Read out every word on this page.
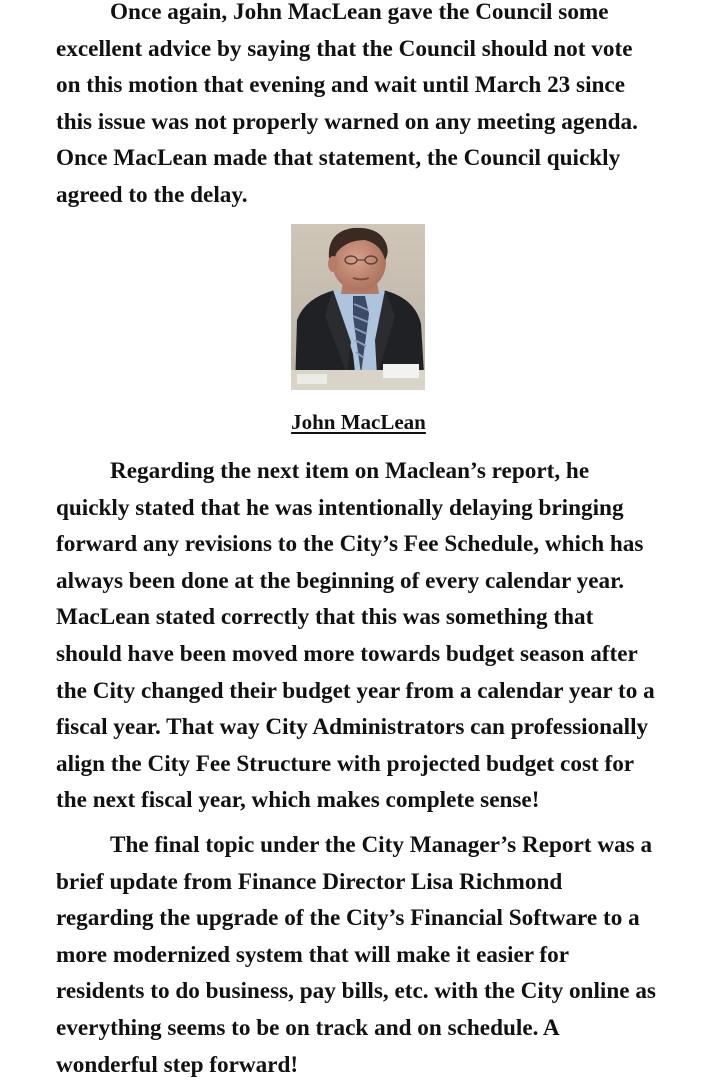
Once again, John MacLean gave the Council some
excellent advice by saying that the Council should not vote
on this motion that evening and wait until March 23 since
this issue was not properly warned on any meeting agenda.
Once MacLean made that statement, the Council quickly
agreed to the delay.
John MacLean
Regarding the next item on Maclean’s report, he
quickly stated that he was intentionally delaying bringing
forward any revisions to the City’s Fee Schedule, which has
always been done at the beginning of every calendar year.
MacLean stated correctly that this was something that
should have been moved more towards budget season after
the City changed their budget year from a calendar year to a
fiscal year. That way City Administrators can professionally
align the City Fee Structure with projected budget cost for
the next fiscal year, which makes complete sense!
The final topic under the City Manager’s Report was a
brief update from Finance Director Lisa Richmond
regarding the upgrade of the City’s Financial Software to a
more modernized system that will make it easier for
residents to do business, pay bills, etc. with the City online as
everything seems to be on track and on schedule. A
wonderful step forward!
